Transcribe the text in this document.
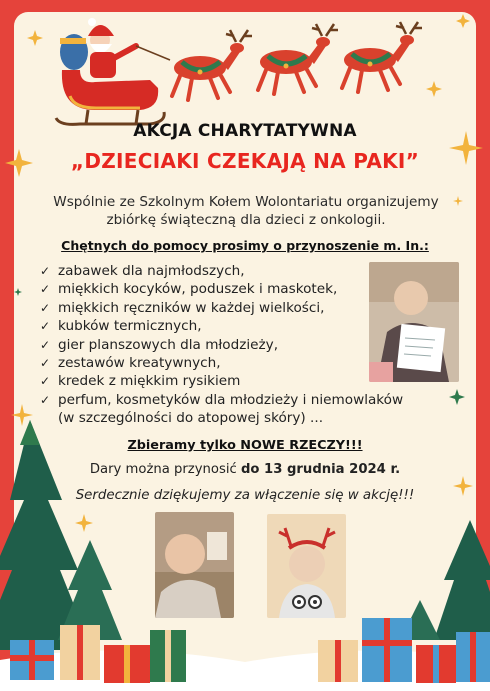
AKCJA CHARYTATYWNA
„DZIECIAKI CZEKAJĄ NA PAKI”
Wspólnie ze Szkolnym Kołem Wolontariatu organizujemy
zbiórkę świąteczną dla dzieci z onkologii.
Chętnych do pomocy prosimy o przynoszenie m. In.:
✓ zabawek dla najmłodszych,
✓ miękkich kocyków, poduszek i maskotek,
✓ miękkich ręczników w każdej wielkości,
✓ kubków termicznych,
✓ gier planszowych dla młodzieży,
✓ zestawów kreatywnych,
✓ kredek z miękkim rysikiem
✓ perfum, kosmetyków dla młodzieży i niemowlaków
(w szczególności do atopowej skóry) ...
Zbieramy tylko NOWE RZECZY!!!
Dary można przynosić do 13 grudnia 2024 r.
Serdecznie dziękujemy za włączenie się w akcję!!!
